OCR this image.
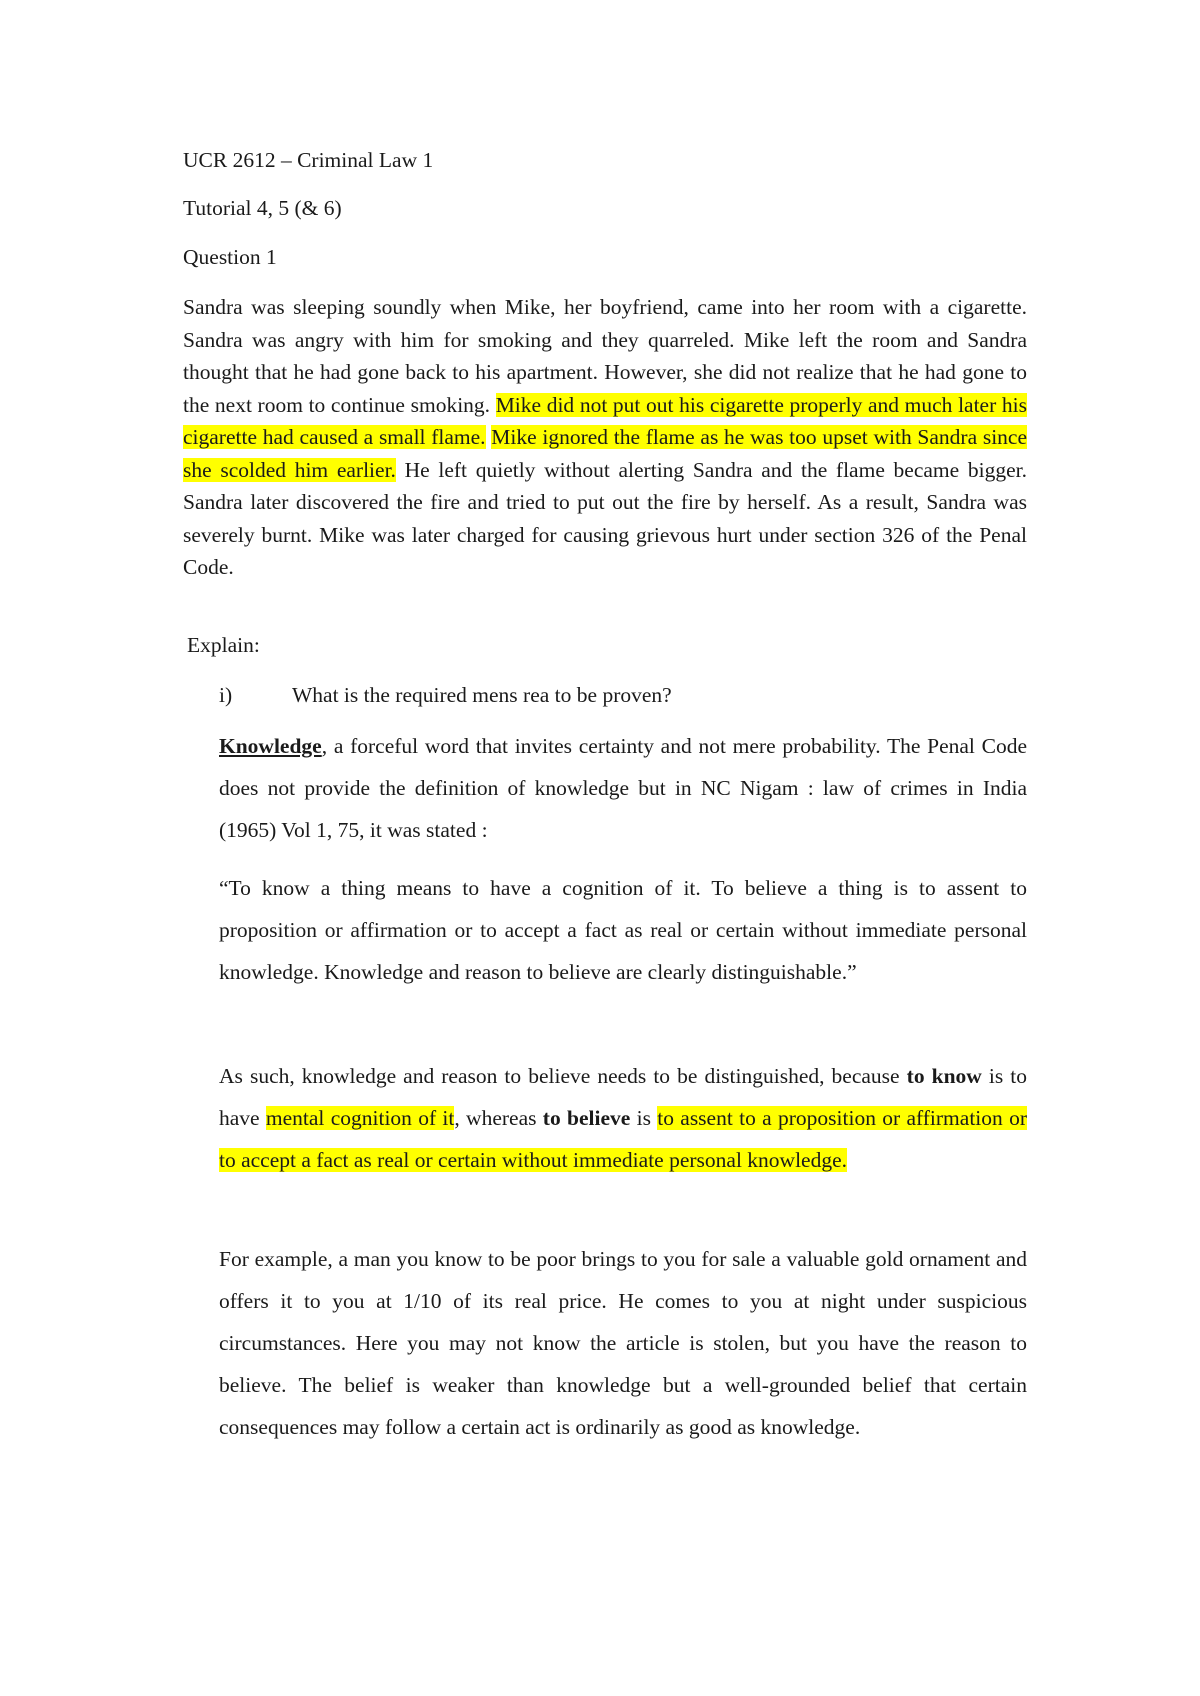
UCR 2612 – Criminal Law 1

Tutorial 4, 5 (& 6)

Question 1

Sandra was sleeping soundly when Mike, her boyfriend, came into her room with a cigarette. Sandra was angry with him for smoking and they quarreled. Mike left the room and Sandra thought that he had gone back to his apartment. However, she did not realize that he had gone to the next room to continue smoking. Mike did not put out his cigarette properly and much later his cigarette had caused a small flame. Mike ignored the flame as he was too upset with Sandra since she scolded him earlier. He left quietly without alerting Sandra and the flame became bigger. Sandra later discovered the fire and tried to put out the fire by herself. As a result, Sandra was severely burnt. Mike was later charged for causing grievous hurt under section 326 of the Penal Code.

Explain:

i)	What is the required mens rea to be proven?

Knowledge, a forceful word that invites certainty and not mere probability. The Penal Code does not provide the definition of knowledge but in NC Nigam : law of crimes in India (1965) Vol 1, 75, it was stated :

“To know a thing means to have a cognition of it. To believe a thing is to assent to proposition or affirmation or to accept a fact as real or certain without immediate personal knowledge. Knowledge and reason to believe are clearly distinguishable.”

As such, knowledge and reason to believe needs to be distinguished, because to know is to have mental cognition of it, whereas to believe is to assent to a proposition or affirmation or to accept a fact as real or certain without immediate personal knowledge.

For example, a man you know to be poor brings to you for sale a valuable gold ornament and offers it to you at 1/10 of its real price. He comes to you at night under suspicious circumstances. Here you may not know the article is stolen, but you have the reason to believe. The belief is weaker than knowledge but a well-grounded belief that certain consequences may follow a certain act is ordinarily as good as knowledge.
